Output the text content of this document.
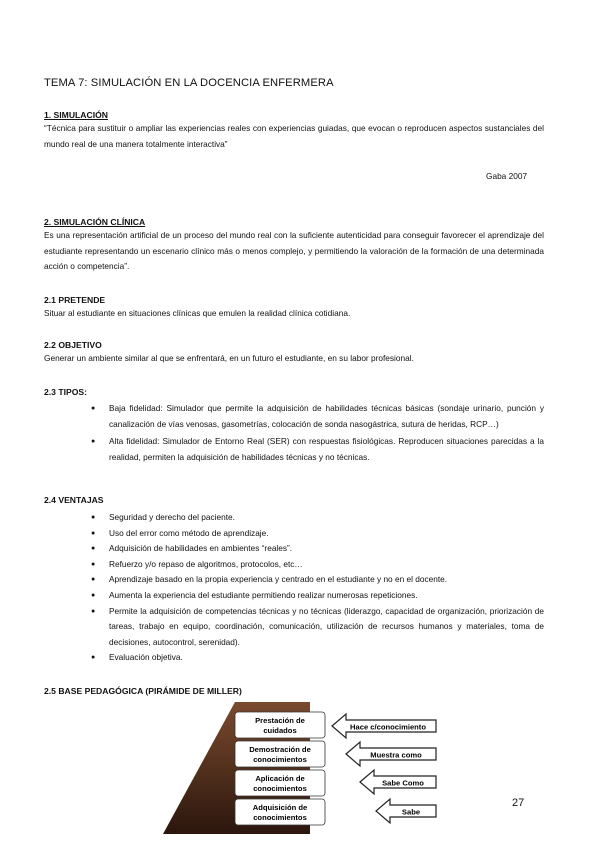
TEMA 7: SIMULACIÓN EN LA DOCENCIA ENFERMERA
1. SIMULACIÓN
“Técnica para sustituir o ampliar las experiencias reales con experiencias guiadas, que evocan o reproducen aspectos sustanciales del mundo real de una manera totalmente interactiva”
Gaba 2007
2. SIMULACIÓN CLÍNICA
Es una representación artificial de un proceso del mundo real con la suficiente autenticidad para conseguir favorecer el aprendizaje del estudiante representando un escenario clínico más o menos complejo, y permitiendo la valoración de la formación de una determinada acción o competencia”.
2.1 PRETENDE
Situar al estudiante en situaciones clínicas que emulen la realidad clínica cotidiana.
2.2 OBJETIVO
Generar un ambiente similar al que se enfrentará, en un futuro el estudiante, en su labor profesional.
2.3 TIPOS:
● Baja fidelidad: Simulador que permite la adquisición de habilidades técnicas básicas (sondaje urinario, punción y canalización de vías venosas, gasometrías, colocación de sonda nasogástrica, sutura de heridas, RCP…)
● Alta fidelidad: Simulador de Entorno Real (SER) con respuestas fisiológicas. Reproducen situaciones parecidas a la realidad, permiten la adquisición de habilidades técnicas y no técnicas.
2.4 VENTAJAS
● Seguridad y derecho del paciente.
● Uso del error como método de aprendizaje.
● Adquisición de habilidades en ambientes “reales”.
● Refuerzo y/o repaso de algoritmos, protocolos, etc…
● Aprendizaje basado en la propia experiencia y centrado en el estudiante y no en el docente.
● Aumenta la experiencia del estudiante permitiendo realizar numerosas repeticiones.
● Permite la adquisición de competencias técnicas y no técnicas (liderazgo, capacidad de organización, priorización de tareas, trabajo en equipo, coordinación, comunicación, utilización de recursos humanos y materiales, toma de decisiones, autocontrol, serenidad).
● Evaluación objetiva.
2.5 BASE PEDAGÓGICA (PIRÁMIDE DE MILLER)
Prestación de
cuidados
Demostración de
conocimientos
Aplicación de
conocimientos
Adquisición de
conocimientos
Hace c/conocimiento
Muestra como
Sabe Como
Sabe
27
